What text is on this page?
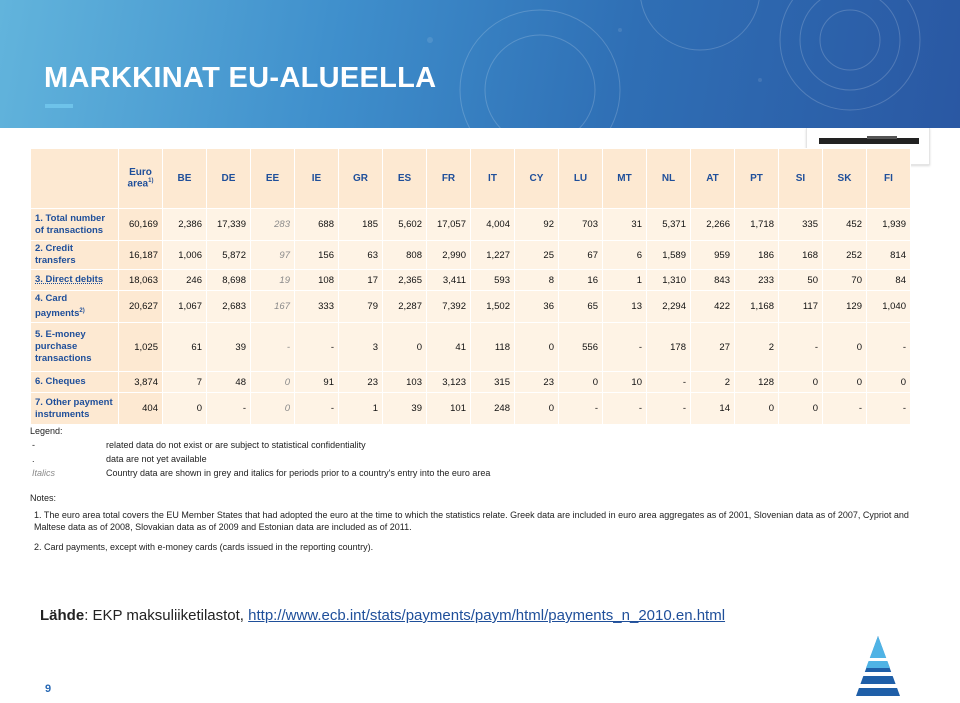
MARKKINAT EU-ALUEELLA
	Euro area$^{1)}$	BE	DE	EE	IE	GR	ES	FR	IT	CY	LU	MT	NL	AT	PT	SI	SK	FI
1. Total number of transactions	60,169	2,386	17,339	283	688	185	5,602	17,057	4,004	92	703	31	5,371	2,266	1,718	335	452	1,939
2. Credit transfers	16,187	1,006	5,872	97	156	63	808	2,990	1,227	25	67	6	1,589	959	186	168	252	814
3. Direct debits	18,063	246	8,698	19	108	17	2,365	3,411	593	8	16	1	1,310	843	233	50	70	84
4. Card payments$^{2)}$	20,627	1,067	2,683	167	333	79	2,287	7,392	1,502	36	65	13	2,294	422	1,168	117	129	1,040
5. E-money purchase transactions	1,025	61	39	-	-	3	0	41	118	0	556	-	178	27	2	-	0	-
6. Cheques	3,874	7	48	0	91	23	103	3,123	315	23	0	10	-	2	128	0	0	0
7. Other payment instruments	404	0	-	0	-	1	39	101	248	0	-	-	-	14	0	0	-	-
Legend:
-	related data do not exist or are subject to statistical confidentiality
.	data are not yet available
Italics	Country data are shown in grey and italics for periods prior to a country's entry into the euro area
Notes:
1. The euro area total covers the EU Member States that had adopted the euro at the time to which the statistics relate. Greek data are included in euro area aggregates as of 2001, Slovenian data as of 2007, Cypriot and Maltese data as of 2008, Slovakian data as of 2009 and Estonian data are included as of 2011.
2. Card payments, except with e-money cards (cards issued in the reporting country).
Lähde: EKP maksuliiketilastot, http://www.ecb.int/stats/payments/paym/html/payments_n_2010.en.html
9
